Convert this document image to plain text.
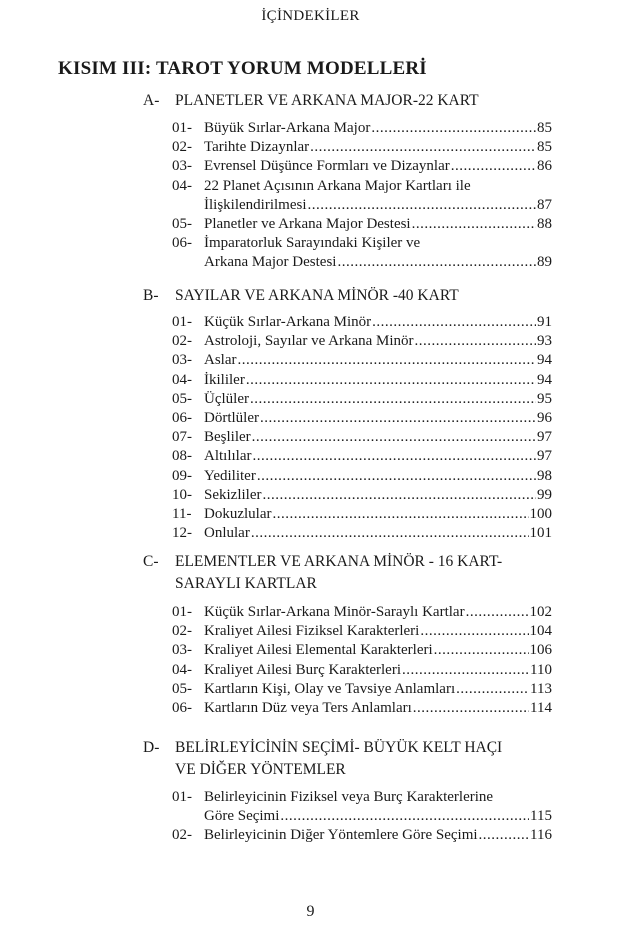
İÇİNDEKİLER
KISIM III: TAROT YORUM MODELLERİ
A- PLANETLER VE ARKANA MAJOR-22 KART
01- Büyük Sırlar-Arkana Major .....	85
02- Tarihte Dizaynlar .....	85
03- Evrensel Düşünce Formları ve Dizaynlar .....	86
04- 22 Planet Açısının Arkana Major Kartları ile
İlişkilendirilmesi .....	87
05- Planetler ve Arkana Major Destesi .....	88
06- İmparatorluk Sarayındaki Kişiler ve
Arkana Major Destesi .....	89
B- SAYILAR VE ARKANA MİNÖR -40 KART
01- Küçük Sırlar-Arkana Minör .....	91
02- Astroloji, Sayılar ve Arkana Minör .....	93
03- Aslar .....	94
04- İkililer .....	94
05- Üçlüler .....	95
06- Dörtlüler .....	96
07- Beşliler .....	97
08- Altılılar .....	97
09- Yediliter .....	98
10- Sekizliler .....	99
11- Dokuzlular .....	100
12- Onlular .....	101
C- ELEMENTLER VE ARKANA MİNÖR - 16 KART-
SARAYLI KARTLAR
01- Küçük Sırlar-Arkana Minör-Saraylı Kartlar .....	102
02- Kraliyet Ailesi Fiziksel Karakterleri .....	104
03- Kraliyet Ailesi Elemental Karakterleri .....	106
04- Kraliyet Ailesi Burç Karakterleri .....	110
05- Kartların Kişi, Olay ve Tavsiye Anlamları .....	113
06- Kartların Düz veya Ters Anlamları .....	114
D- BELİRLEYİCİNİN SEÇİMİ- BÜYÜK KELT HAÇI
VE DİĞER YÖNTEMLER
01- Belirleyicinin Fiziksel veya Burç Karakterlerine
Göre Seçimi .....	115
02- Belirleyicinin Diğer Yöntemlere Göre Seçimi .....	116
9
